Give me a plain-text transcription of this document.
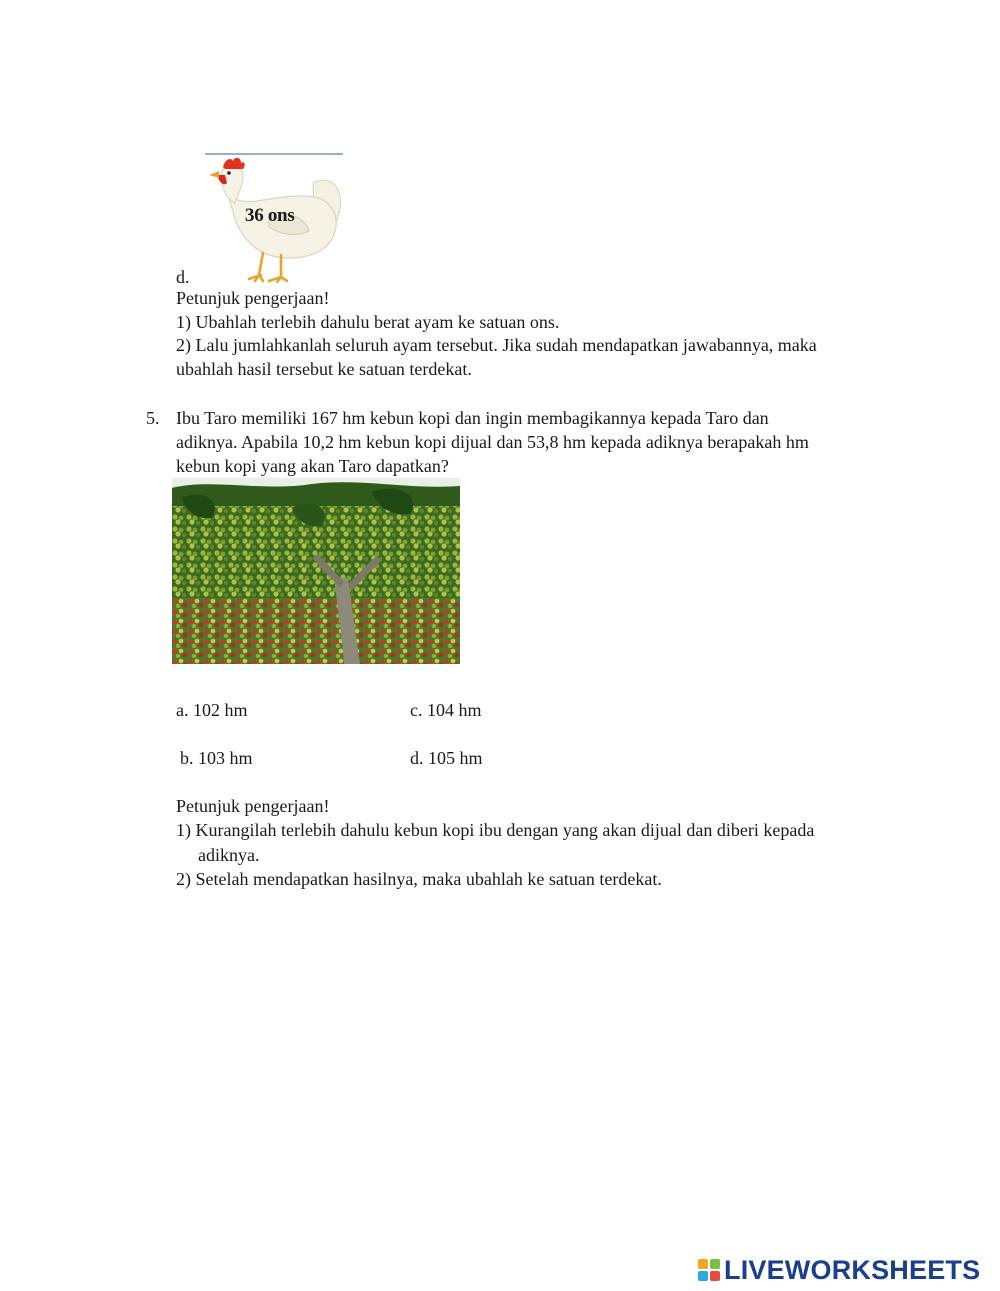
36 ons
d.
Petunjuk pengerjaan!
1) Ubahlah terlebih dahulu berat ayam ke satuan ons.
2) Lalu jumlahkanlah seluruh ayam tersebut. Jika sudah mendapatkan jawabannya, maka
ubahlah hasil tersebut ke satuan terdekat.
5. Ibu Taro memiliki 167 hm kebun kopi dan ingin membagikannya kepada Taro dan
adiknya. Apabila 10,2 hm kebun kopi dijual dan 53,8 hm kepada adiknya berapakah hm
kebun kopi yang akan Taro dapatkan?
a. 102 hm	c. 104 hm
b. 103 hm	d. 105 hm
Petunjuk pengerjaan!
1) Kurangilah terlebih dahulu kebun kopi ibu dengan yang akan dijual dan diberi kepada
adiknya.
2) Setelah mendapatkan hasilnya, maka ubahlah ke satuan terdekat.
LIVEWORKSHEETS
